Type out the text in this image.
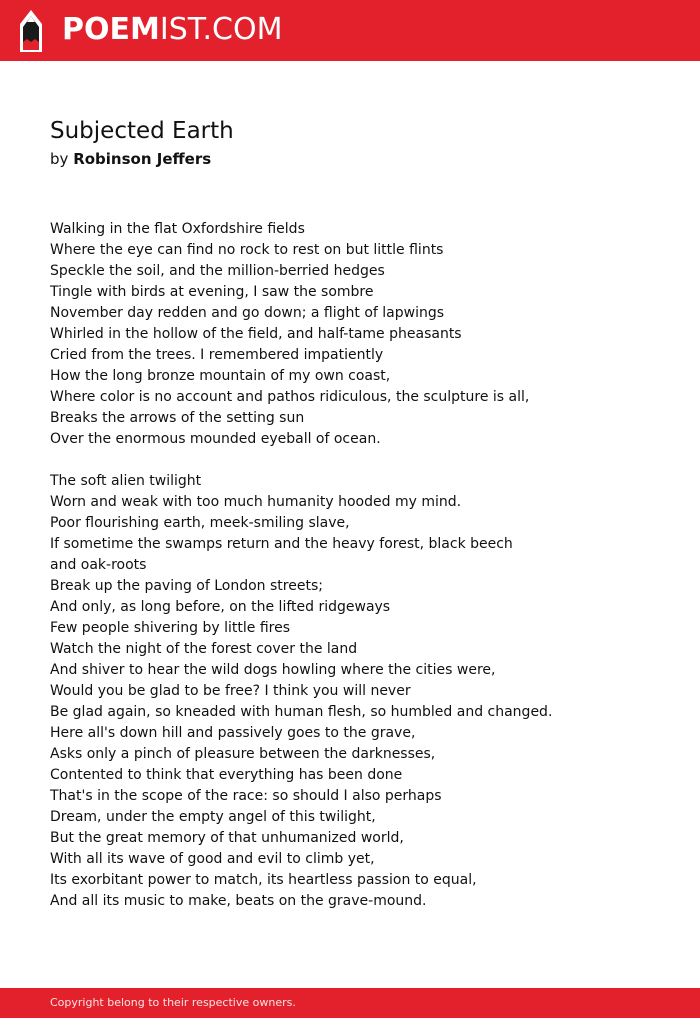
POEMIST.COM
Subjected Earth
by Robinson Jeffers
Walking in the flat Oxfordshire fields
Where the eye can find no rock to rest on but little flints
Speckle the soil, and the million-berried hedges
Tingle with birds at evening, I saw the sombre
November day redden and go down; a flight of lapwings
Whirled in the hollow of the field, and half-tame pheasants
Cried from the trees. I remembered impatiently
How the long bronze mountain of my own coast,
Where color is no account and pathos ridiculous, the sculpture is all,
Breaks the arrows of the setting sun
Over the enormous mounded eyeball of ocean.
The soft alien twilight
Worn and weak with too much humanity hooded my mind.
Poor flourishing earth, meek-smiling slave,
If sometime the swamps return and the heavy forest, black beech
and oak-roots
Break up the paving of London streets;
And only, as long before, on the lifted ridgeways
Few people shivering by little fires
Watch the night of the forest cover the land
And shiver to hear the wild dogs howling where the cities were,
Would you be glad to be free? I think you will never
Be glad again, so kneaded with human flesh, so humbled and changed.
Here all's down hill and passively goes to the grave,
Asks only a pinch of pleasure between the darknesses,
Contented to think that everything has been done
That's in the scope of the race: so should I also perhaps
Dream, under the empty angel of this twilight,
But the great memory of that unhumanized world,
With all its wave of good and evil to climb yet,
Its exorbitant power to match, its heartless passion to equal,
And all its music to make, beats on the grave-mound.
Copyright belong to their respective owners.
